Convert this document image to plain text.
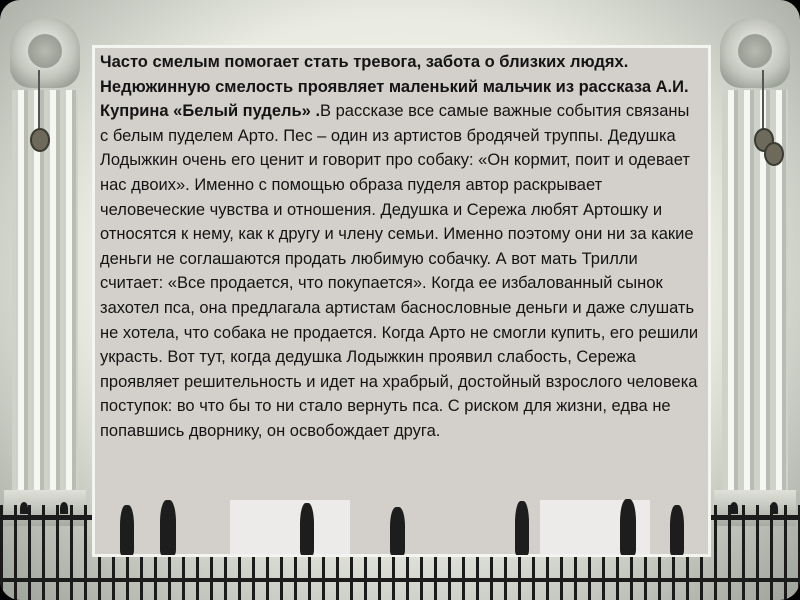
Часто смелым помогает стать тревога, забота о близких людях. Недюжинную смелость проявляет маленький мальчик из рассказа А.И. Куприна «Белый пудель» .В рассказе все самые важные события связаны с белым пуделем Арто. Пес – один из артистов бродячей труппы. Дедушка Лодыжкин очень его ценит и говорит про собаку: «Он кормит, поит и одевает нас двоих». Именно с помощью образа пуделя автор раскрывает человеческие чувства и отношения. Дедушка и Сережа любят Артошку и относятся к нему, как к другу и члену семьи. Именно поэтому они ни за какие деньги не соглашаются продать любимую собачку. А вот мать Трилли считает: «Все продается, что покупается». Когда ее избалованный сынок захотел пса, она предлагала артистам баснословные деньги и даже слушать не хотела, что собака не продается. Когда Арто не смогли купить, его решили украсть. Вот тут, когда дедушка Лодыжкин проявил слабость, Сережа проявляет решительность и идет на храбрый, достойный взрослого человека поступок: во что бы то ни стало вернуть пса. С риском для жизни, едва не попавшись дворнику, он освобождает друга.
